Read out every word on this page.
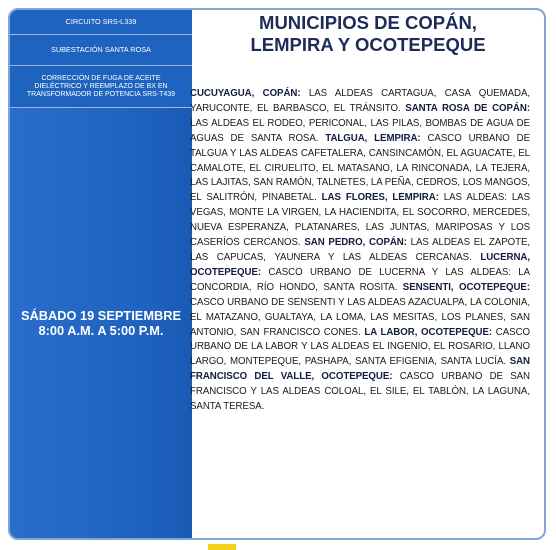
CIRCUITO SRS-L339
SUBESTACIÓN SANTA ROSA
CORRECCIÓN DE FUGA DE ACEITE DIELÉCTRICO Y REEMPLAZO DE BX EN TRANSFORMADOR DE POTENCIA SRS-T439
SÁBADO 19 SEPTIEMBRE
8:00 A.M. A 5:00 P.M.
MUNICIPIOS DE COPÁN,
LEMPIRA Y OCOTEPEQUE
CUCUYAGUA, COPÁN: LAS ALDEAS CARTAGUA, CASA QUEMADA, YARUCONTE, EL BARBASCO, EL TRÁNSITO. SANTA ROSA DE COPÁN: LAS ALDEAS EL RODEO, PERICONAL, LAS PILAS, BOMBAS DE AGUA DE AGUAS DE SANTA ROSA. TALGUA, LEMPIRA: CASCO URBANO DE TALGUA Y LAS ALDEAS CAFETALERA, CANSINCAMÓN, EL AGUACATE, EL CAMALOTE, EL CIRUELITO, EL MATASANO, LA RINCONADA, LA TEJERA, LAS LAJITAS, SAN RAMÓN, TALNETES, LA PEÑA, CEDROS, LOS MANGOS, EL SALITRÓN, PINABETAL. LAS FLORES, LEMPIRA: LAS ALDEAS: LAS VEGAS, MONTE LA VIRGEN, LA HACIENDITA, EL SOCORRO, MERCEDES, NUEVA ESPERANZA, PLATANARES, LAS JUNTAS, MARIPOSAS Y LOS CASERÍOS CERCANOS. SAN PEDRO, COPÁN: LAS ALDEAS EL ZAPOTE, LAS CAPUCAS, YAUNERA Y LAS ALDEAS CERCANAS. LUCERNA, OCOTEPEQUE: CASCO URBANO DE LUCERNA Y LAS ALDEAS: LA CONCORDIA, RÍO HONDO, SANTA ROSITA. SENSENTI, OCOTEPEQUE: CASCO URBANO DE SENSENTI Y LAS ALDEAS AZACUALPA, LA COLONIA, EL MATAZANO, GUALTAYA, LA LOMA, LAS MESITAS, LOS PLANES, SAN ANTONIO, SAN FRANCISCO CONES. LA LABOR, OCOTEPEQUE: CASCO URBANO DE LA LABOR Y LAS ALDEAS EL INGENIO, EL ROSARIO, LLANO LARGO, MONTEPEQUE, PASHAPA, SANTA EFIGENIA, SANTA LUCÍA. SAN FRANCISCO DEL VALLE, OCOTEPEQUE: CASCO URBANO DE SAN FRANCISCO Y LAS ALDEAS COLOAL, EL SILE, EL TABLÓN, LA LAGUNA, SANTA TERESA.
